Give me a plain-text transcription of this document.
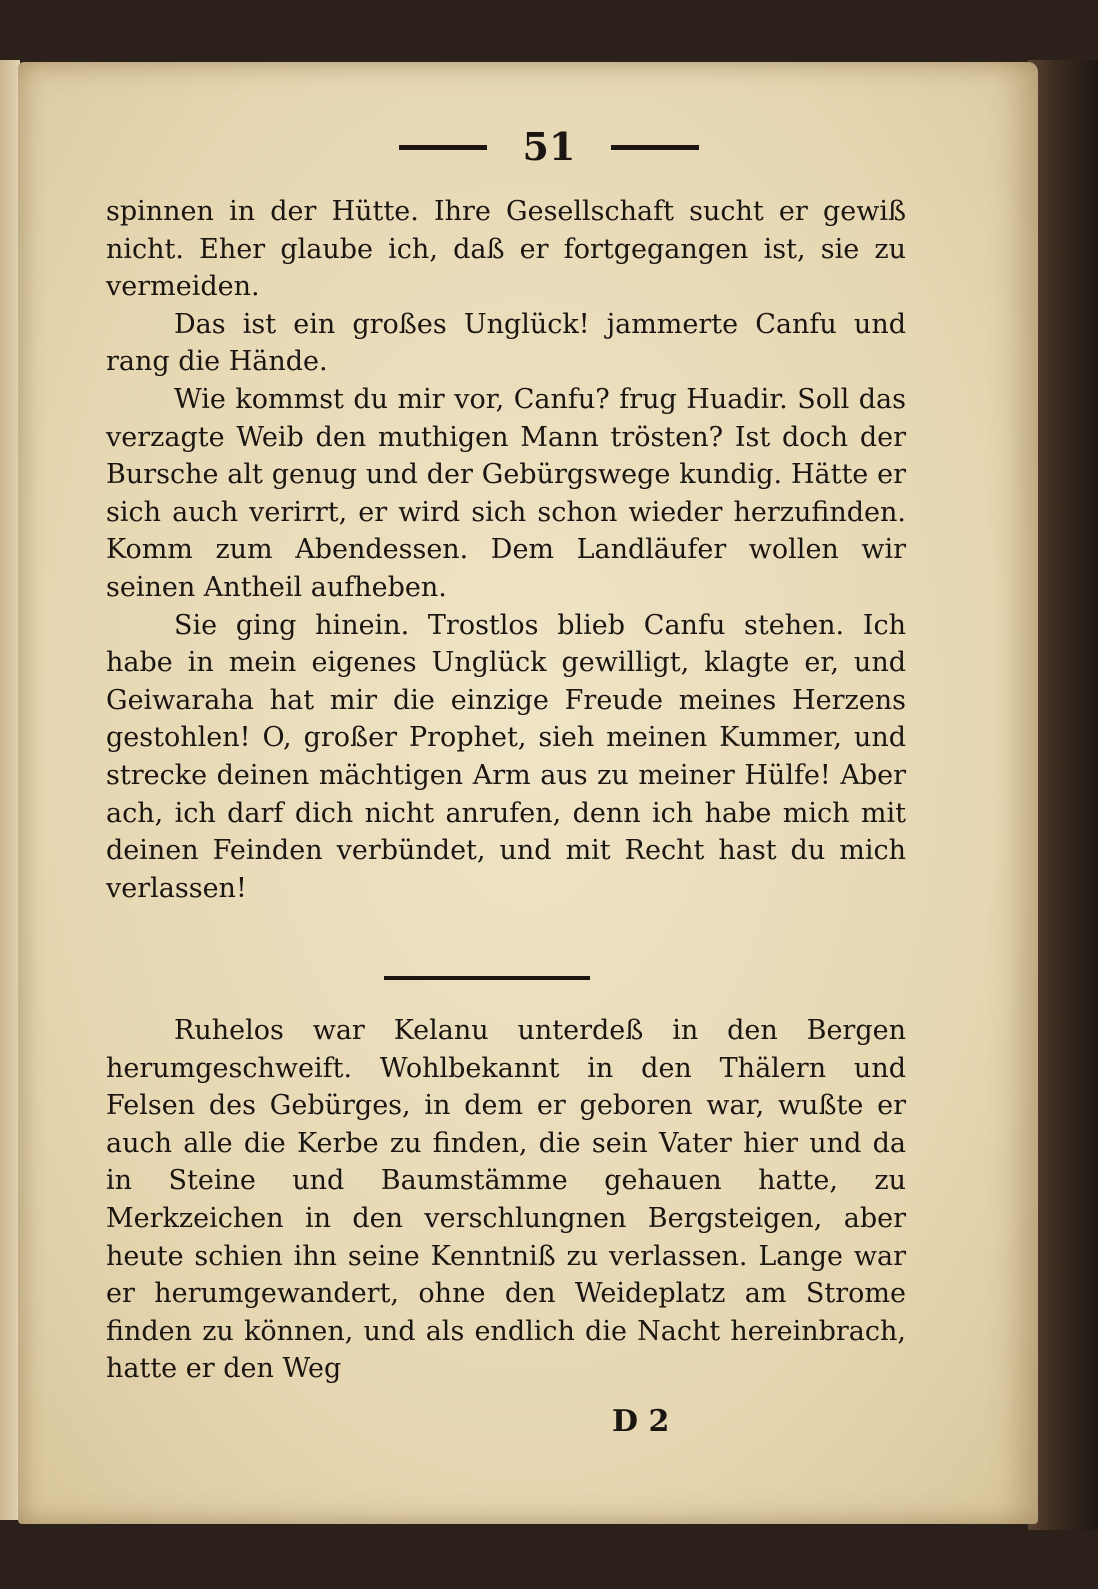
51

spinnen in der Hütte. Ihre Gesellschaft sucht er gewiß nicht. Eher glaube ich, daß er fortgegangen ist, sie zu vermeiden.

Das ist ein großes Unglück! jammerte Canfu und rang die Hände.

Wie kommst du mir vor, Canfu? frug Huadir. Soll das verzagte Weib den muthigen Mann trösten? Ist doch der Bursche alt genug und der Gebürgswege kundig. Hätte er sich auch verirrt, er wird sich schon wieder herzufinden. Komm zum Abendessen. Dem Landläufer wollen wir seinen Antheil aufheben.

Sie ging hinein. Trostlos blieb Canfu stehen. Ich habe in mein eigenes Unglück gewilligt, klagte er, und Geiwaraha hat mir die einzige Freude meines Herzens gestohlen! O, großer Prophet, sieh meinen Kummer, und strecke deinen mächtigen Arm aus zu meiner Hülfe! Aber ach, ich darf dich nicht anrufen, denn ich habe mich mit deinen Feinden verbündet, und mit Recht hast du mich verlassen!

Ruhelos war Kelanu unterdeß in den Bergen herumgeschweift. Wohlbekannt in den Thälern und Felsen des Gebürges, in dem er geboren war, wußte er auch alle die Kerbe zu finden, die sein Vater hier und da in Steine und Baumstämme gehauen hatte, zu Merkzeichen in den verschlungnen Bergsteigen, aber heute schien ihn seine Kenntniß zu verlassen. Lange war er herumgewandert, ohne den Weideplatz am Strome finden zu können, und als endlich die Nacht hereinbrach, hatte er den Weg

D 2
